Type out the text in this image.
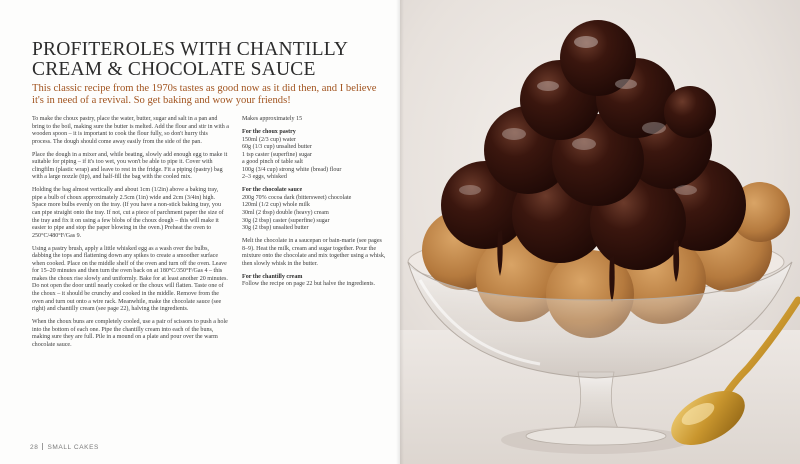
PROFITEROLES WITH CHANTILLY CREAM & CHOCOLATE SAUCE

This classic recipe from the 1970s tastes as good now as it did then, and I believe it's in need of a revival. So get baking and wow your friends!

To make the choux pastry, place the water, butter, sugar and salt in a pan and bring to the boil, making sure the butter is melted. Add the flour and stir in with a wooden spoon – it is important to cook the flour fully, so don't hurry this process. The dough should come away easily from the side of the pan.

Place the dough in a mixer and, while beating, slowly add enough egg to make it suitable for piping – if it's too wet, you won't be able to pipe it. Cover with clingfilm (plastic wrap) and leave to rest in the fridge. Fit a piping (pastry) bag with a large nozzle (tip), and half-fill the bag with the cooled mix.

Holding the bag almost vertically and about 1cm (1/2in) above a baking tray, pipe a bulb of choux approximately 2.5cm (1in) wide and 2cm (3/4in) high. Space more bulbs evenly on the tray. (If you have a non-stick baking tray, you can pipe straight onto the tray. If not, cut a piece of parchment paper the size of the tray and fix it on using a few blobs of the choux dough – this will make it easier to pipe and stop the paper blowing in the oven.) Preheat the oven to 250°C/480°F/Gas 9.

Using a pastry brush, apply a little whisked egg as a wash over the bulbs, dabbing the tops and flattening down any spikes to create a smoother surface when cooked. Place on the middle shelf of the oven and turn off the oven. Leave for 15–20 minutes and then turn the oven back on at 180°C/350°F/Gas 4 – this makes the choux rise slowly and uniformly. Bake for at least another 20 minutes. Do not open the door until nearly cooked or the choux will flatten. Taste one of the choux – it should be crunchy and cooked in the middle. Remove from the oven and turn out onto a wire rack. Meanwhile, make the chocolate sauce (see right) and chantilly cream (see page 22), halving the ingredients.

When the choux buns are completely cooled, use a pair of scissors to push a hole into the bottom of each one. Pipe the chantilly cream into each of the buns, making sure they are full. Pile in a mound on a plate and pour over the warm chocolate sauce.

Makes approximately 15

For the choux pastry

150ml (2/3 cup) water

60g (1/3 cup) unsalted butter

1 tsp caster (superfine) sugar

a good pinch of table salt

100g (3/4 cup) strong white (bread) flour

2–3 eggs, whisked

For the chocolate sauce

200g 70% cocoa dark (bittersweet) chocolate

120ml (1/2 cup) whole milk

30ml (2 tbsp) double (heavy) cream

30g (2 tbsp) caster (superfine) sugar

30g (2 tbsp) unsalted butter

Melt the chocolate in a saucepan or bain-marie (see pages 8–9). Heat the milk, cream and sugar together. Pour the mixture onto the chocolate and mix together using a whisk, then slowly whisk in the butter.

For the chantilly cream

Follow the recipe on page 22 but halve the ingredients.

28 SMALL CAKES
